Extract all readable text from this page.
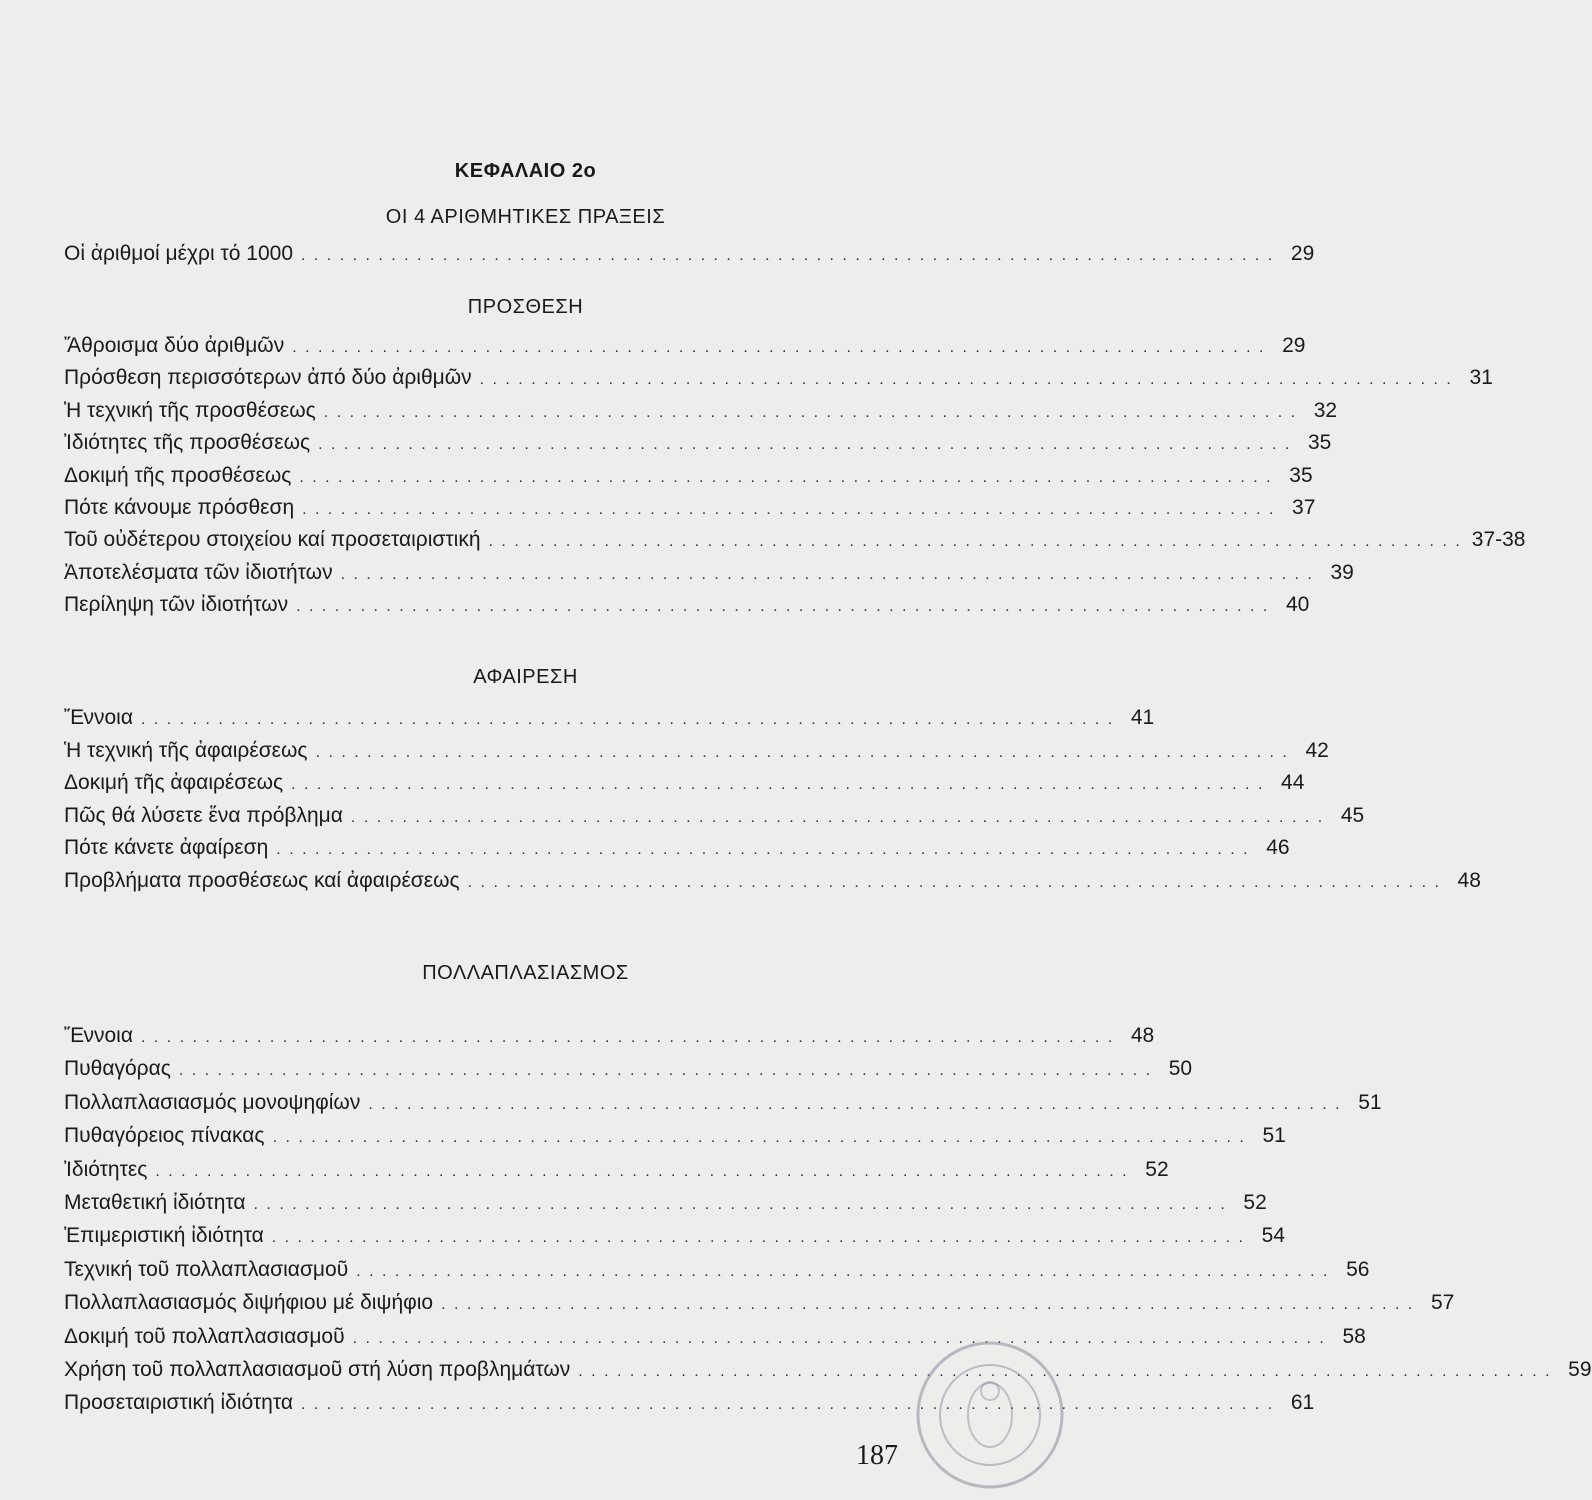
ΚΕΦΑΛΑΙΟ 2ο
ΟΙ 4 ΑΡΙΘΜΗΤΙΚΕΣ ΠΡΑΞΕΙΣ
Οἱ ἀριθμοί μέχρι τό 1000 . . . . . . . . . . . . . . . . . . . . . . . . . . . . . . . . . . . . . . . . . . . . . . . . . . . . . . . . . . . . . . . . . . . . . . . . . . . . 29
ΠΡΟΣΘΕΣΗ
Ἄθροισμα δύο ἀριθμῶν . . . . . . . . . . . . . . . . . . . . . . . . . . . . . . . . . . . . . . . . . . . . . . . . . . . . . . . . . . . . . . . . . . . . . . . . . . . . 29
Πρόσθεση περισσότερων ἀπό δύο ἀριθμῶν . . . . . . . . . . . . . . . . . . . . . . . . . . . . . . . . . . . . . . . . . . . . . . . . . . . . . . . . . . . . . . . . . . . . . . . . . . . . 31
Ἡ τεχνική τῆς προσθέσεως . . . . . . . . . . . . . . . . . . . . . . . . . . . . . . . . . . . . . . . . . . . . . . . . . . . . . . . . . . . . . . . . . . . . . . . . . . . . 32
Ἰδιότητες τῆς προσθέσεως . . . . . . . . . . . . . . . . . . . . . . . . . . . . . . . . . . . . . . . . . . . . . . . . . . . . . . . . . . . . . . . . . . . . . . . . . . . . 35
Δοκιμή τῆς προσθέσεως . . . . . . . . . . . . . . . . . . . . . . . . . . . . . . . . . . . . . . . . . . . . . . . . . . . . . . . . . . . . . . . . . . . . . . . . . . . . 35
Πότε κάνουμε πρόσθεση . . . . . . . . . . . . . . . . . . . . . . . . . . . . . . . . . . . . . . . . . . . . . . . . . . . . . . . . . . . . . . . . . . . . . . . . . . . . 37
Τοῦ οὐδέτερου στοιχείου καί προσεταιριστική . . . . . . . . . . . . . . . . . . . . . . . . . . . . . . . . . . . . . . . . . . . . . . . . . . . . . . . . . . . . . . . . . . . . . . . . . . . . 37-38
Ἀποτελέσματα τῶν ἰδιοτήτων . . . . . . . . . . . . . . . . . . . . . . . . . . . . . . . . . . . . . . . . . . . . . . . . . . . . . . . . . . . . . . . . . . . . . . . . . . . . 39
Περίληψη τῶν ἰδιοτήτων . . . . . . . . . . . . . . . . . . . . . . . . . . . . . . . . . . . . . . . . . . . . . . . . . . . . . . . . . . . . . . . . . . . . . . . . . . . . 40
ΑΦΑΙΡΕΣΗ
Ἔννοια . . . . . . . . . . . . . . . . . . . . . . . . . . . . . . . . . . . . . . . . . . . . . . . . . . . . . . . . . . . . . . . . . . . . . . . . . . . . 41
Ἡ τεχνική τῆς ἀφαιρέσεως . . . . . . . . . . . . . . . . . . . . . . . . . . . . . . . . . . . . . . . . . . . . . . . . . . . . . . . . . . . . . . . . . . . . . . . . . . . . 42
Δοκιμή τῆς ἀφαιρέσεως . . . . . . . . . . . . . . . . . . . . . . . . . . . . . . . . . . . . . . . . . . . . . . . . . . . . . . . . . . . . . . . . . . . . . . . . . . . . 44
Πῶς θά λύσετε ἕνα πρόβλημα . . . . . . . . . . . . . . . . . . . . . . . . . . . . . . . . . . . . . . . . . . . . . . . . . . . . . . . . . . . . . . . . . . . . . . . . . . . . 45
Πότε κάνετε ἀφαίρεση . . . . . . . . . . . . . . . . . . . . . . . . . . . . . . . . . . . . . . . . . . . . . . . . . . . . . . . . . . . . . . . . . . . . . . . . . . . . 46
Προβλήματα προσθέσεως καί ἀφαιρέσεως . . . . . . . . . . . . . . . . . . . . . . . . . . . . . . . . . . . . . . . . . . . . . . . . . . . . . . . . . . . . . . . . . . . . . . . . . . . . 48
ΠΟΛΛΑΠΛΑΣΙΑΣΜΟΣ
Ἔννοια . . . . . . . . . . . . . . . . . . . . . . . . . . . . . . . . . . . . . . . . . . . . . . . . . . . . . . . . . . . . . . . . . . . . . . . . . . . . 48
Πυθαγόρας . . . . . . . . . . . . . . . . . . . . . . . . . . . . . . . . . . . . . . . . . . . . . . . . . . . . . . . . . . . . . . . . . . . . . . . . . . . . 50
Πολλαπλασιασμός μονοψηφίων . . . . . . . . . . . . . . . . . . . . . . . . . . . . . . . . . . . . . . . . . . . . . . . . . . . . . . . . . . . . . . . . . . . . . . . . . . . . 51
Πυθαγόρειος πίνακας . . . . . . . . . . . . . . . . . . . . . . . . . . . . . . . . . . . . . . . . . . . . . . . . . . . . . . . . . . . . . . . . . . . . . . . . . . . . 51
Ἰδιότητες . . . . . . . . . . . . . . . . . . . . . . . . . . . . . . . . . . . . . . . . . . . . . . . . . . . . . . . . . . . . . . . . . . . . . . . . . . . . 52
Μεταθετική ἰδιότητα . . . . . . . . . . . . . . . . . . . . . . . . . . . . . . . . . . . . . . . . . . . . . . . . . . . . . . . . . . . . . . . . . . . . . . . . . . . . 52
Ἐπιμεριστική ἰδιότητα . . . . . . . . . . . . . . . . . . . . . . . . . . . . . . . . . . . . . . . . . . . . . . . . . . . . . . . . . . . . . . . . . . . . . . . . . . . . 54
Τεχνική τοῦ πολλαπλασιασμοῦ . . . . . . . . . . . . . . . . . . . . . . . . . . . . . . . . . . . . . . . . . . . . . . . . . . . . . . . . . . . . . . . . . . . . . . . . . . . . 56
Πολλαπλασιασμός διψήφιου μέ διψήφιο . . . . . . . . . . . . . . . . . . . . . . . . . . . . . . . . . . . . . . . . . . . . . . . . . . . . . . . . . . . . . . . . . . . . . . . . . . . . 57
Δοκιμή τοῦ πολλαπλασιασμοῦ . . . . . . . . . . . . . . . . . . . . . . . . . . . . . . . . . . . . . . . . . . . . . . . . . . . . . . . . . . . . . . . . . . . . . . . . . . . . 58
Χρήση τοῦ πολλαπλασιασμοῦ στή λύση προβλημάτων . . . . . . . . . . . . . . . . . . . . . . . . . . . . . . . . . . . . . . . . . . . . . . . . . . . . . . . . . . . . . . . . . . . . . . . . . . . . 59
Προσεταιριστική ἰδιότητα . . . . . . . . . . . . . . . . . . . . . . . . . . . . . . . . . . . . . . . . . . . . . . . . . . . . . . . . . . . . . . . . . . . . . . . . . . . . 61
187
